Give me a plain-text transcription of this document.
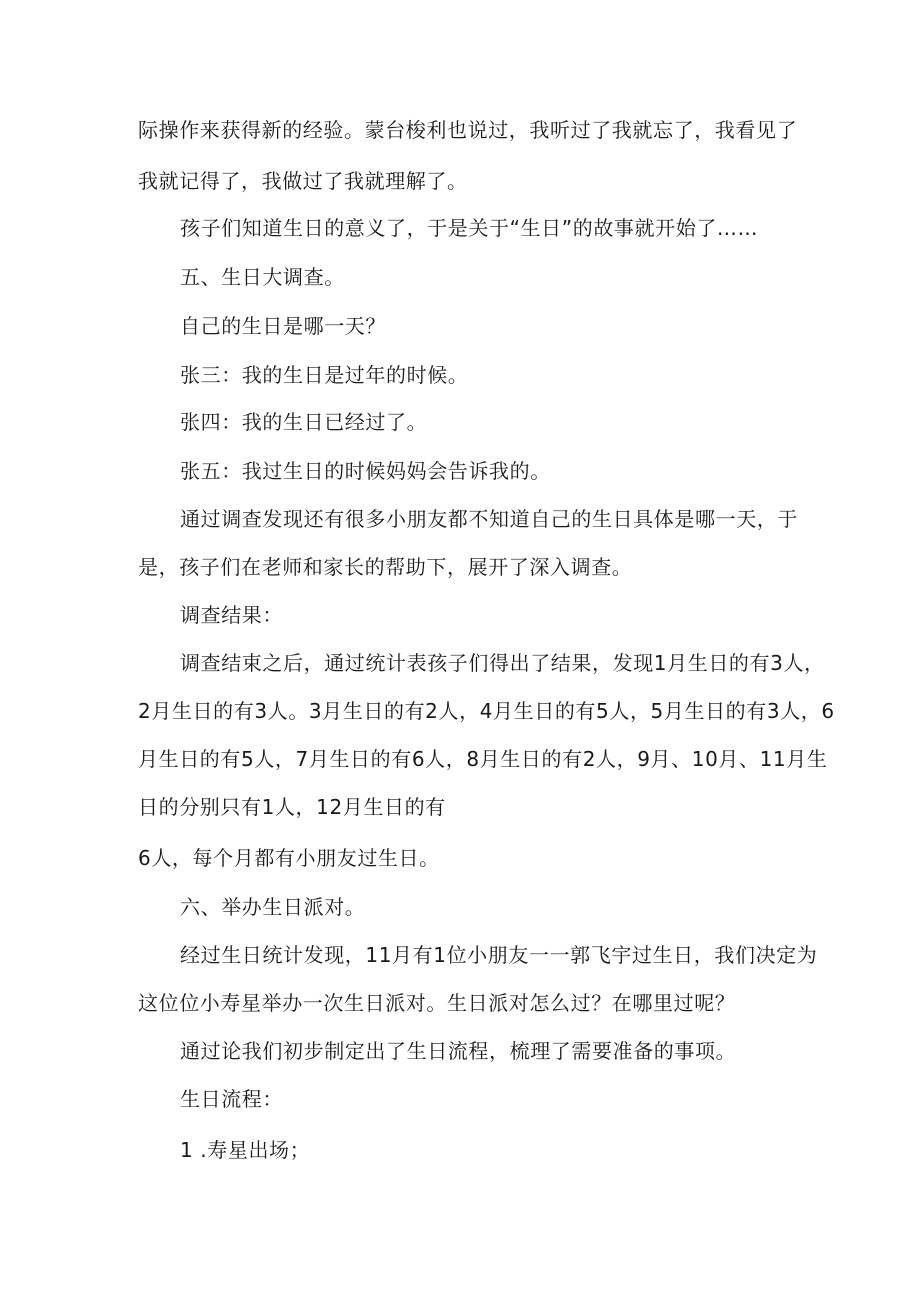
际操作来获得新的经验。蒙台梭利也说过，我听过了我就忘了，我看见了
我就记得了，我做过了我就理解了。
孩子们知道生日的意义了，于是关于“生日”的故事就开始了……
五、生日大调查。
自己的生日是哪一天？
张三：我的生日是过年的时候。
张四：我的生日已经过了。
张五：我过生日的时候妈妈会告诉我的。
通过调查发现还有很多小朋友都不知道自己的生日具体是哪一天，于
是，孩子们在老师和家长的帮助下，展开了深入调查。
调查结果：
调查结束之后，通过统计表孩子们得出了结果，发现1月生日的有3人，
2月生日的有3人。3月生日的有2人，4月生日的有5人，5月生日的有3人，6
月生日的有5人，7月生日的有6人，8月生日的有2人，9月、10月、11月生
日的分别只有1人，12月生日的有
6人，每个月都有小朋友过生日。
六、举办生日派对。
经过生日统计发现，11月有1位小朋友一一郭飞宇过生日，我们决定为
这位位小寿星举办一次生日派对。生日派对怎么过？在哪里过呢？
通过论我们初步制定出了生日流程，梳理了需要准备的事项。
生日流程：
1 .寿星出场；
